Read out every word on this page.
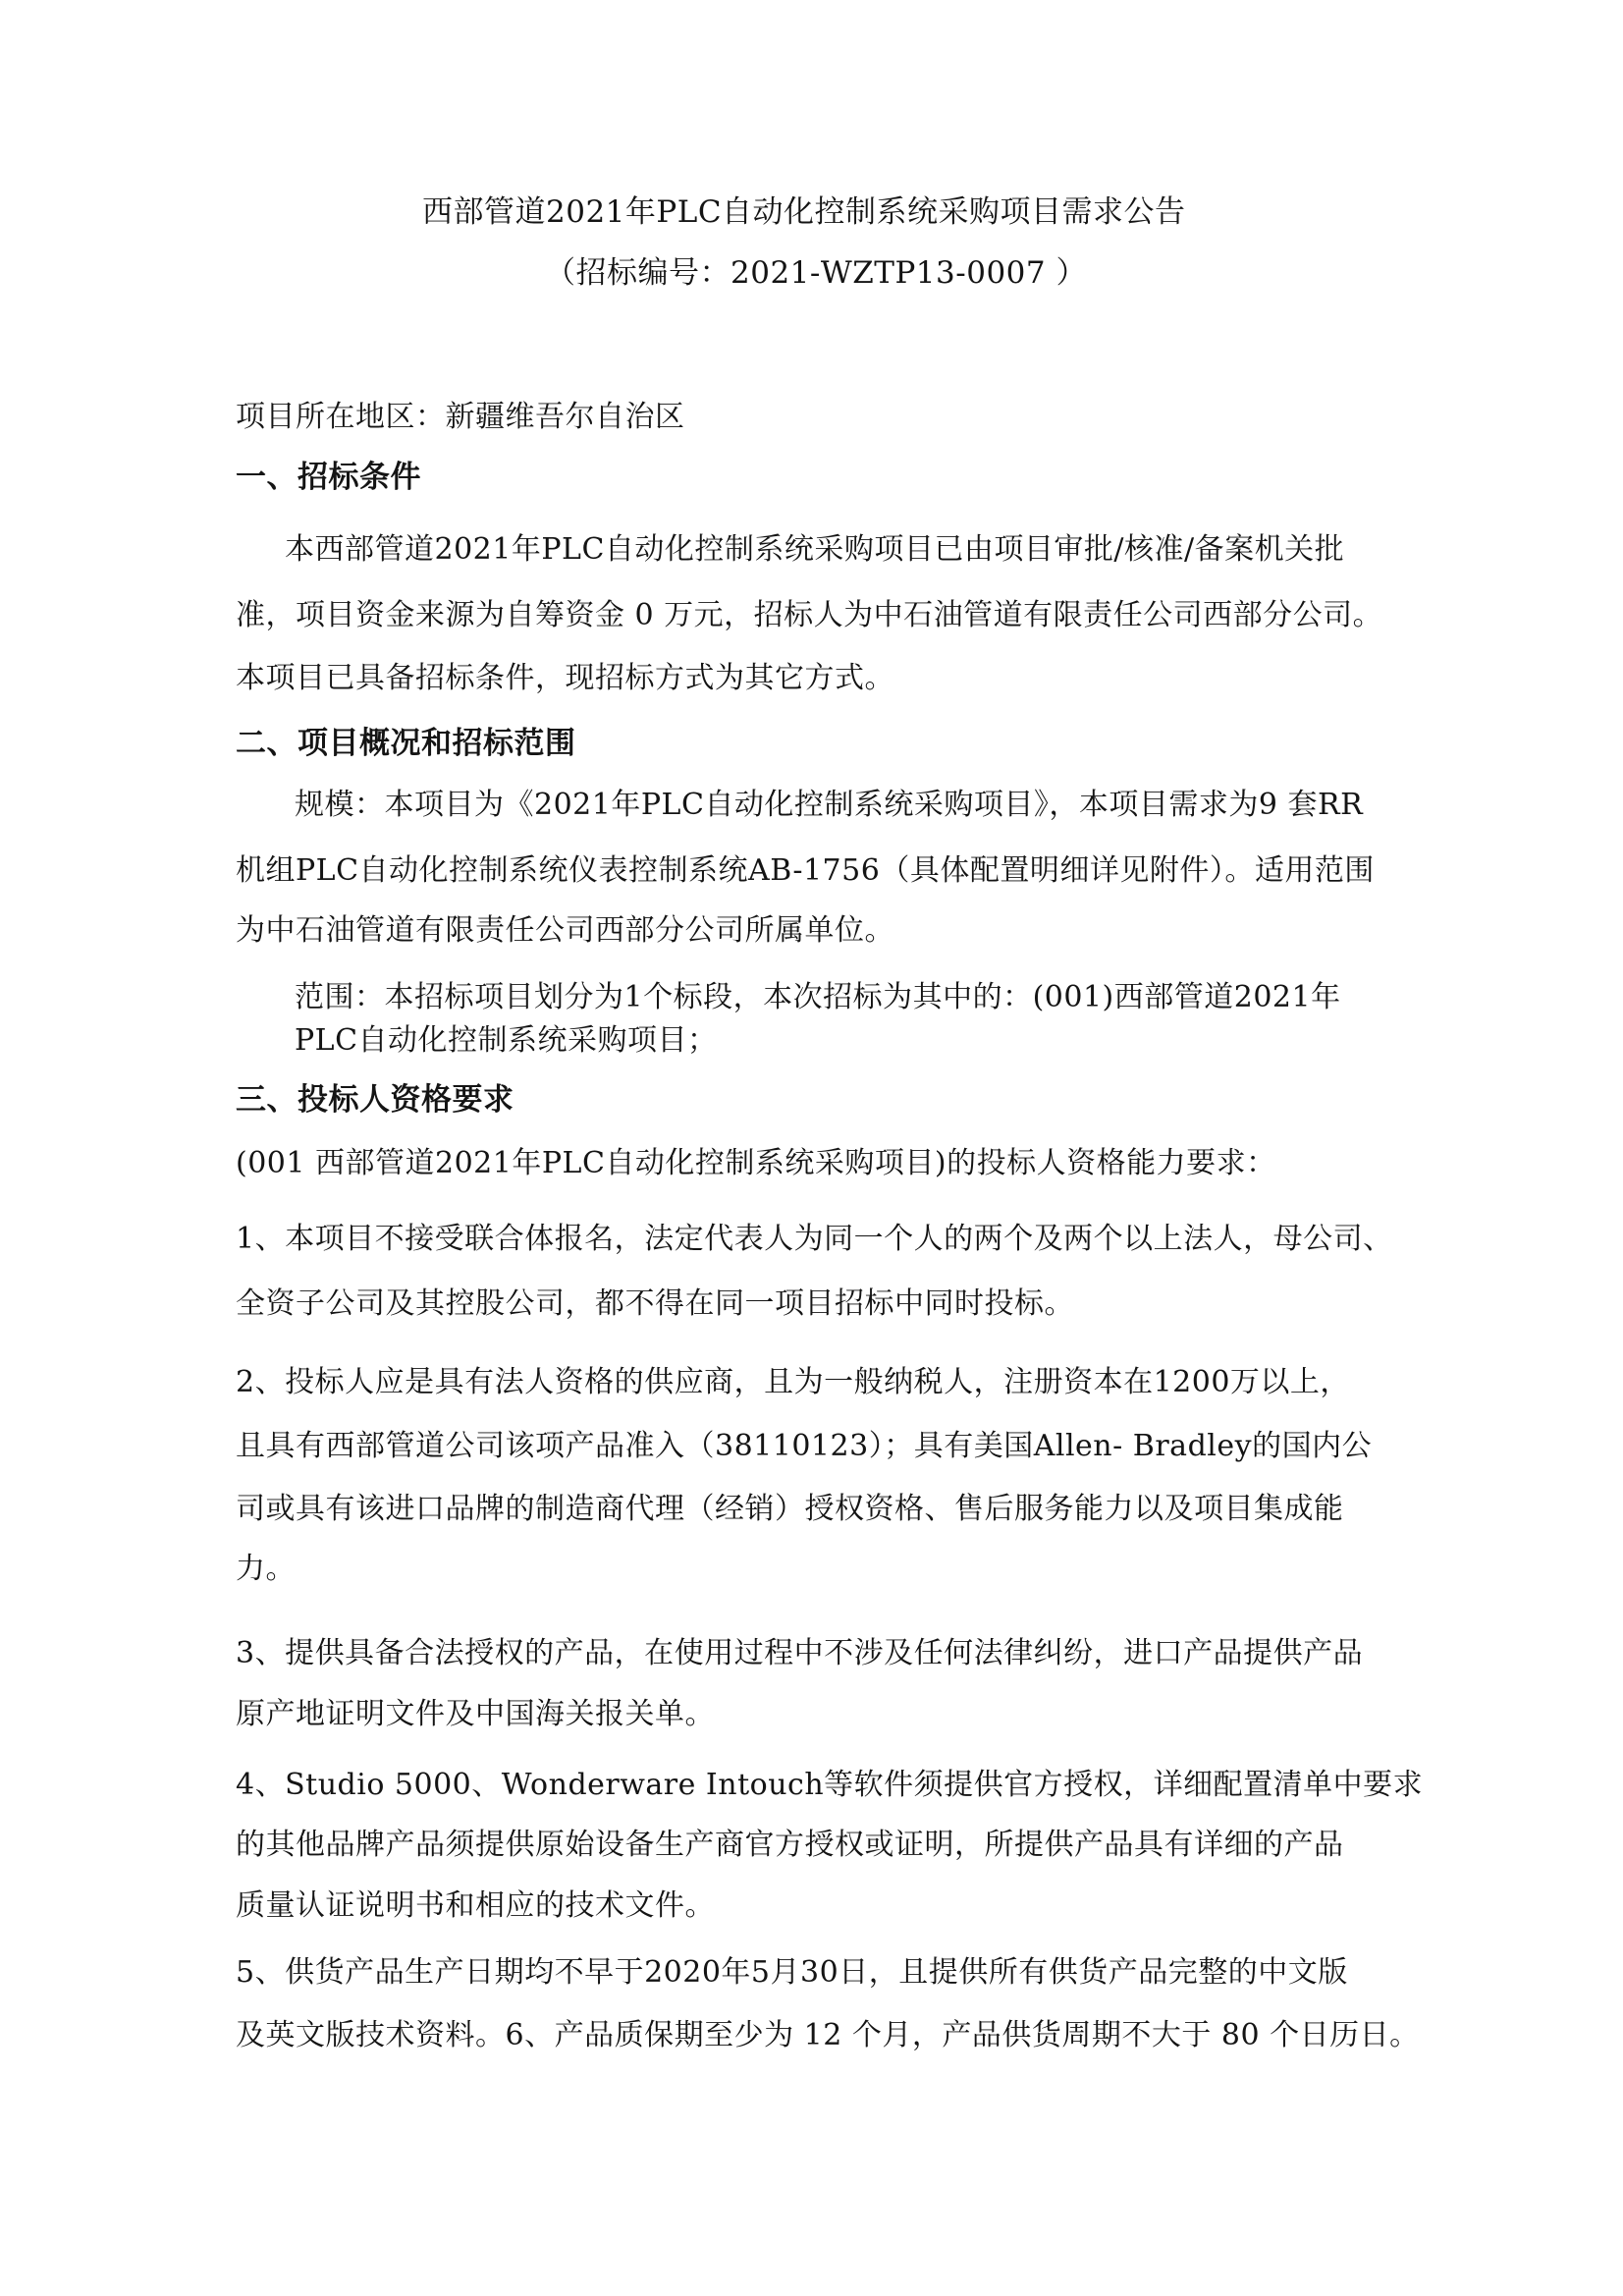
西部管道2021年PLC自动化控制系统采购项目需求公告

（招标编号：2021-WZTP13-0007 ）

项目所在地区：新疆维吾尔自治区

一、招标条件

本西部管道2021年PLC自动化控制系统采购项目已由项目审批/核准/备案机关批

准，项目资金来源为自筹资金 0 万元，招标人为中石油管道有限责任公司西部分公司。

本项目已具备招标条件，现招标方式为其它方式。

二、项目概况和招标范围

规模：本项目为《2021年PLC自动化控制系统采购项目》，本项目需求为9 套RR

机组PLC自动化控制系统仪表控制系统AB-1756（具体配置明细详见附件）。适用范围

为中石油管道有限责任公司西部分公司所属单位。

范围：本招标项目划分为1个标段，本次招标为其中的：(001)西部管道2021年

PLC自动化控制系统采购项目；

三、投标人资格要求

(001 西部管道2021年PLC自动化控制系统采购项目)的投标人资格能力要求：

1、本项目不接受联合体报名，法定代表人为同一个人的两个及两个以上法人，母公司、

全资子公司及其控股公司，都不得在同一项目招标中同时投标。

2、投标人应是具有法人资格的供应商，且为一般纳税人，注册资本在1200万以上，

且具有西部管道公司该项产品准入（38110123）；具有美国Allen- Bradley的国内公

司或具有该进口品牌的制造商代理（经销）授权资格、售后服务能力以及项目集成能

力。

3、提供具备合法授权的产品，在使用过程中不涉及任何法律纠纷，进口产品提供产品

原产地证明文件及中国海关报关单。

4、Studio 5000、Wonderware Intouch等软件须提供官方授权，详细配置清单中要求

的其他品牌产品须提供原始设备生产商官方授权或证明，所提供产品具有详细的产品

质量认证说明书和相应的技术文件。

5、供货产品生产日期均不早于2020年5月30日，且提供所有供货产品完整的中文版

及英文版技术资料。6、产品质保期至少为 12 个月，产品供货周期不大于 80 个日历日。
